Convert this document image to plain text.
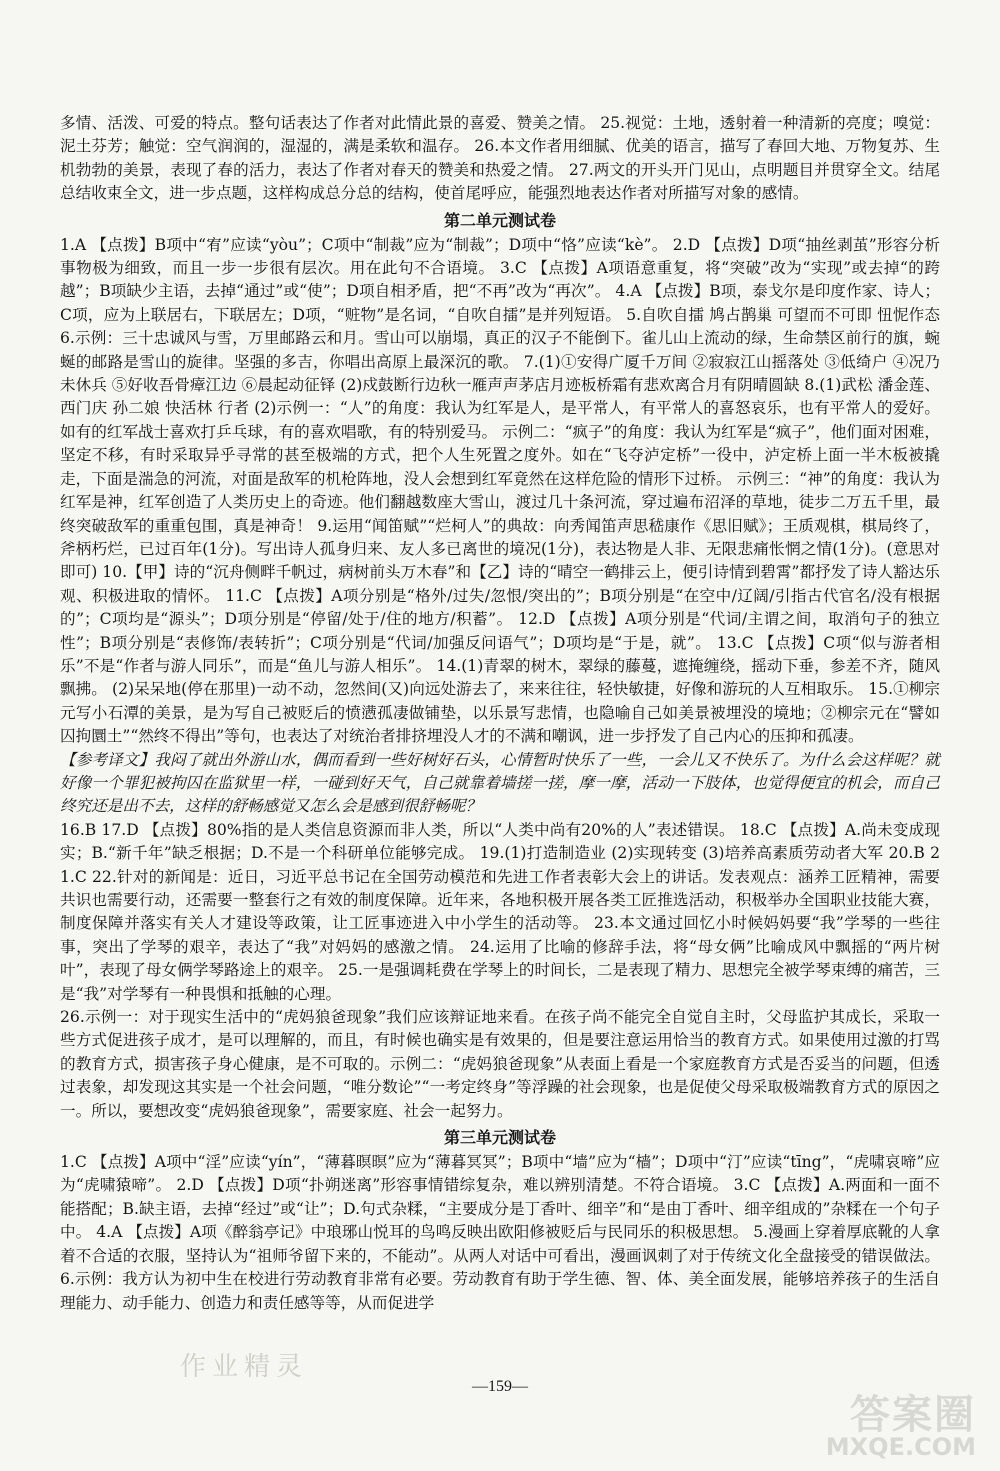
多情、活泼、可爱的特点。整句话表达了作者对此情此景的喜爱、赞美之情。 25.视觉：土地，透射着一种清新的亮度；嗅觉：泥土芬芳；触觉：空气润润的，湿湿的，满是柔软和温存。 26.本文作者用细腻、优美的语言，描写了春回大地、万物复苏、生机勃勃的美景，表现了春的活力，表达了作者对春天的赞美和热爱之情。 27.两文的开头开门见山，点明题目并贯穿全文。结尾总结收束全文，进一步点题，这样构成总分总的结构，使首尾呼应，能强烈地表达作者对所描写对象的感情。

第二单元测试卷

1.A 【点拨】B项中“宥”应读“yòu”；C项中“制裁”应为“制裁”；D项中“恪”应读“kè”。 2.D 【点拨】D项“抽丝剥茧”形容分析事物极为细致，而且一步一步很有层次。用在此句不合语境。 3.C 【点拨】A项语意重复，将“突破”改为“实现”或去掉“的跨越”；B项缺少主语，去掉“通过”或“使”；D项自相矛盾，把“不再”改为“再次”。 4.A 【点拨】B项，泰戈尔是印度作家、诗人；C项，应为上联居右，下联居左；D项，“赃物”是名词，“自吹自擂”是并列短语。 5.自吹自擂 鸠占鹊巢 可望而不可即 忸怩作态 6.示例：三十忠诚风与雪，万里邮路云和月。雪山可以崩塌，真正的汉子不能倒下。雀儿山上流动的绿，生命禁区前行的旗，蜿蜒的邮路是雪山的旋律。坚强的多吉，你唱出高原上最深沉的歌。 7.(1)①安得广厦千万间 ②寂寂江山摇落处 ③低绮户 ④况乃未休兵 ⑤好收吾骨瘴江边 ⑥晨起动征铎 (2)戍鼓断行边秋一雁声声茅店月迹板桥霜有悲欢离合月有阴晴圆缺 8.(1)武松 潘金莲、西门庆 孙二娘 快活林 行者 (2)示例一：“人”的角度：我认为红军是人，是平常人，有平常人的喜怒哀乐，也有平常人的爱好。如有的红军战士喜欢打乒乓球，有的喜欢唱歌，有的特别爱马。 示例二：“疯子”的角度：我认为红军是“疯子”，他们面对困难，坚定不移，有时采取异乎寻常的甚至极端的方式，把个人生死置之度外。如在“飞夺泸定桥”一役中，泸定桥上面一半木板被撬走，下面是湍急的河流，对面是敌军的机枪阵地，没人会想到红军竟然在这样危险的情形下过桥。 示例三：“神”的角度：我认为红军是神，红军创造了人类历史上的奇迹。他们翻越数座大雪山，渡过几十条河流，穿过遍布沼泽的草地，徒步二万五千里，最终突破敌军的重重包围，真是神奇！ 9.运用“闻笛赋”“烂柯人”的典故：向秀闻笛声思嵇康作《思旧赋》；王质观棋，棋局终了，斧柄朽烂，已过百年(1分)。写出诗人孤身归来、友人多已离世的境况(1分)，表达物是人非、无限悲痛怅惘之情(1分)。(意思对即可) 10.【甲】诗的“沉舟侧畔千帆过，病树前头万木春”和【乙】诗的“晴空一鹤排云上，便引诗情到碧霄”都抒发了诗人豁达乐观、积极进取的情怀。 11.C 【点拨】A项分别是“格外/过失/忽恨/突出的”；B项分别是“在空中/辽阔/引指古代官名/没有根据的”；C项均是“源头”；D项分别是“停留/处于/住的地方/积蓄”。 12.D 【点拨】A项分别是“代词/主谓之间，取消句子的独立性”；B项分别是“表修饰/表转折”；C项分别是“代词/加强反问语气”；D项均是“于是，就”。 13.C 【点拨】C项“似与游者相乐”不是“作者与游人同乐”，而是“鱼儿与游人相乐”。 14.(1)青翠的树木，翠绿的藤蔓，遮掩缠绕，摇动下垂，参差不齐，随风飘拂。 (2)呆呆地(停在那里)一动不动，忽然间(又)向远处游去了，来来往往，轻快敏捷，好像和游玩的人互相取乐。 15.①柳宗元写小石潭的美景，是为写自己被贬后的愤懑孤凄做铺垫，以乐景写悲情，也隐喻自己如美景被埋没的境地；②柳宗元在“譬如囚拘圜土”“然终不得出”等句，也表达了对统治者排挤埋没人才的不满和嘲讽，进一步抒发了自己内心的压抑和孤凄。

【参考译文】我闷了就出外游山水，偶而看到一些好树好石头，心情暂时快乐了一些，一会儿又不快乐了。为什么会这样呢？就好像一个罪犯被拘囚在监狱里一样，一碰到好天气，自己就靠着墙搓一搓，摩一摩，活动一下肢体，也觉得便宜的机会，而自己终究还是出不去，这样的舒畅感觉又怎么会是感到很舒畅呢？

16.B 17.D 【点拨】80%指的是人类信息资源而非人类，所以“人类中尚有20%的人”表述错误。 18.C 【点拨】A.尚未变成现实；B.“新千年”缺乏根据；D.不是一个科研单位能够完成。 19.(1)打造制造业 (2)实现转变 (3)培养高素质劳动者大军 20.B 21.C 22.针对的新闻是：近日，习近平总书记在全国劳动模范和先进工作者表彰大会上的讲话。发表观点：涵养工匠精神，需要共识也需要行动，还需要一整套行之有效的制度保障。近年来，各地积极开展各类工匠推选活动，积极举办全国职业技能大赛，制度保障并落实有关人才建设等政策，让工匠事迹进入中小学生的活动等。 23.本文通过回忆小时候妈妈要“我”学琴的一些往事，突出了学琴的艰辛，表达了“我”对妈妈的感激之情。 24.运用了比喻的修辞手法，将“母女俩”比喻成风中飘摇的“两片树叶”，表现了母女俩学琴路途上的艰辛。 25.一是强调耗费在学琴上的时间长，二是表现了精力、思想完全被学琴束缚的痛苦，三是“我”对学琴有一种畏惧和抵触的心理。

26.示例一：对于现实生活中的“虎妈狼爸现象”我们应该辩证地来看。在孩子尚不能完全自觉自主时，父母监护其成长，采取一些方式促进孩子成才，是可以理解的，而且，有时候也确实是有效果的，但是要注意运用恰当的教育方式。如果使用过激的打骂的教育方式，损害孩子身心健康，是不可取的。示例二：“虎妈狼爸现象”从表面上看是一个家庭教育方式是否妥当的问题，但透过表象，却发现这其实是一个社会问题，“唯分数论”“一考定终身”等浮躁的社会现象，也是促使父母采取极端教育方式的原因之一。所以，要想改变“虎妈狼爸现象”，需要家庭、社会一起努力。

第三单元测试卷

1.C 【点拨】A项中“淫”应读“yín”，“薄暮暝暝”应为“薄暮冥冥”；B项中“墙”应为“樯”；D项中“汀”应读“tīng”，“虎啸哀啼”应为“虎啸猿啼”。 2.D 【点拨】D项“扑朔迷离”形容事情错综复杂，难以辨别清楚。不符合语境。 3.C 【点拨】A.两面和一面不能搭配；B.缺主语，去掉“经过”或“让”；D.句式杂糅，“主要成分是丁香叶、细辛”和“是由丁香叶、细辛组成的”杂糅在一个句子中。 4.A 【点拨】A项《醉翁亭记》中琅琊山悦耳的鸟鸣反映出欧阳修被贬后与民同乐的积极思想。 5.漫画上穿着厚底靴的人拿着不合适的衣服，坚持认为“祖师爷留下来的，不能动”。从两人对话中可看出，漫画讽刺了对于传统文化全盘接受的错误做法。 6.示例：我方认为初中生在校进行劳动教育非常有必要。劳动教育有助于学生德、智、体、美全面发展，能够培养孩子的生活自理能力、动手能力、创造力和责任感等等，从而促进学

作业精灵
—159—
答案圈
MXQE.COM
